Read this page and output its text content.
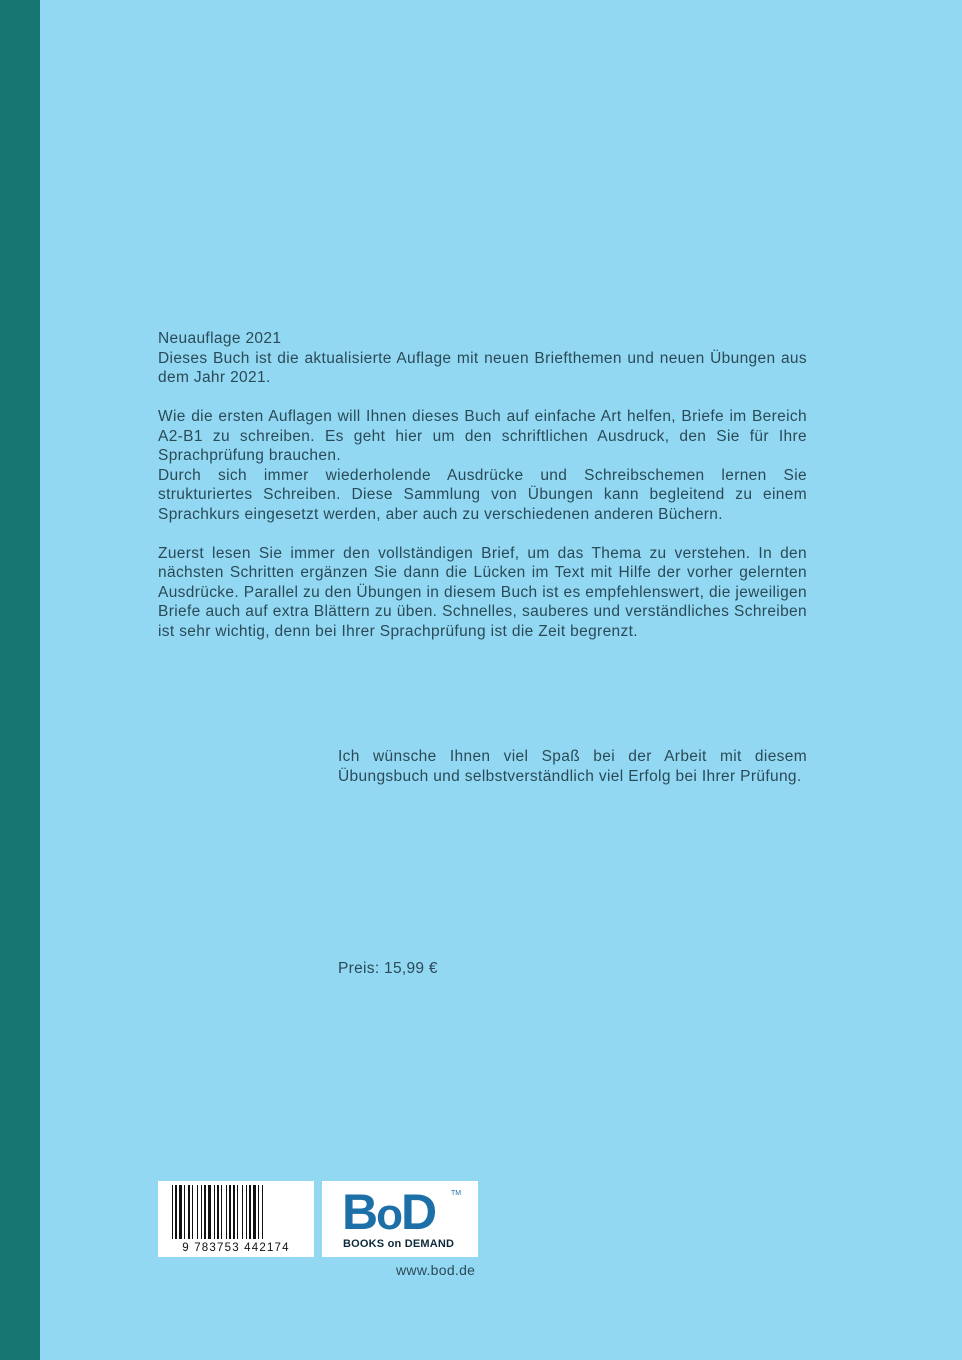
Neuauflage 2021

Dieses Buch ist die aktualisierte Auflage mit neuen Briefthemen und neuen Übungen aus dem Jahr 2021.

Wie die ersten Auflagen will Ihnen dieses Buch auf einfache Art helfen, Briefe im Bereich A2-B1 zu schreiben. Es geht hier um den schriftlichen Ausdruck, den Sie für Ihre Sprachprüfung brauchen.

Durch sich immer wiederholende Ausdrücke und Schreibschemen lernen Sie strukturiertes Schreiben. Diese Sammlung von Übungen kann begleitend zu einem Sprachkurs eingesetzt werden, aber auch zu verschiedenen anderen Büchern.

Zuerst lesen Sie immer den vollständigen Brief, um das Thema zu verstehen. In den nächsten Schritten ergänzen Sie dann die Lücken im Text mit Hilfe der vorher gelernten Ausdrücke. Parallel zu den Übungen in diesem Buch ist es empfehlenswert, die jeweiligen Briefe auch auf extra Blättern zu üben. Schnelles, sauberes und verständliches Schreiben ist sehr wichtig, denn bei Ihrer Sprachprüfung ist die Zeit begrenzt.

Ich wünsche Ihnen viel Spaß bei der Arbeit mit diesem Übungsbuch und selbstverständlich viel Erfolg bei Ihrer Prüfung.

Preis: 15,99 €
9 783753 442174
BoD TM
BOOKS on DEMAND
www.bod.de
